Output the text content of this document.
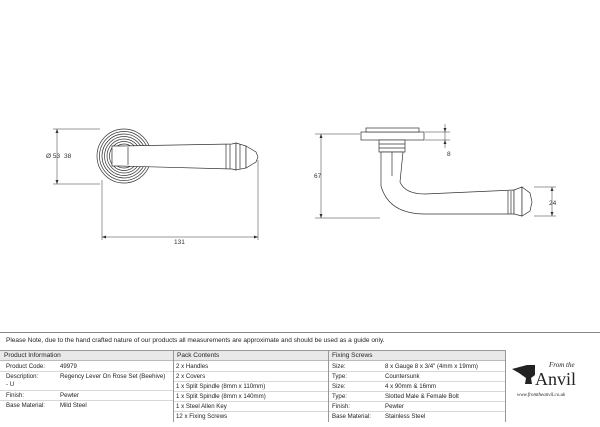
Ø 53 38
131
67
8
24
Please Note, due to the hand crafted nature of our products all measurements are approximate and should be used as a guide only.
Product Information
Product Code: 49979
Description:	Regency Lever On Rose Set (Beehive)
- U
Finish:	Pewter
Base Material: Mild Steel
Pack Contents
2 x Handles
2 x Covers
1 x Split Spindle (8mm x 110mm)
1 x Split Spindle (8mm x 140mm)
1 x Steel Allen Key
12 x Fixing Screws
Fixing Screws
Size:	8 x Gauge 8 x 3/4" (4mm x 19mm)
Type:	Countersunk
Size:	4 x 90mm & 16mm
Type:	Slotted Male & Female Bolt
Finish:	Pewter
Base Material: Stainless Steel
From the
Anvil
www.fromtheanvil.co.uk
